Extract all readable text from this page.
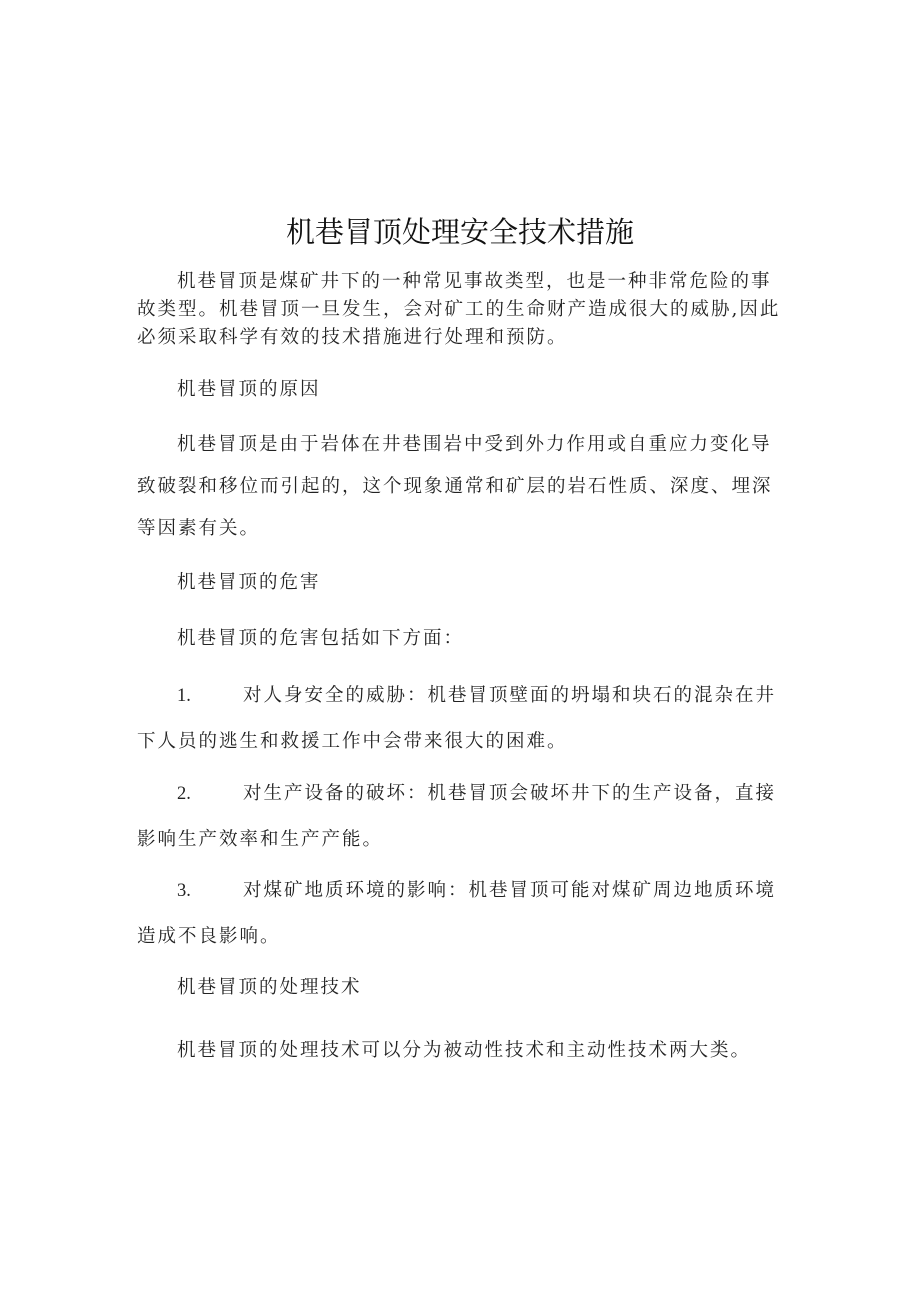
机巷冒顶处理安全技术措施
机巷冒顶是煤矿井下的一种常见事故类型，也是一种非常危险的事故类型。机巷冒顶一旦发生，会对矿工的生命财产造成很大的威胁,因此必须采取科学有效的技术措施进行处理和预防。
机巷冒顶的原因
机巷冒顶是由于岩体在井巷围岩中受到外力作用或自重应力变化导致破裂和移位而引起的，这个现象通常和矿层的岩石性质、深度、埋深等因素有关。
机巷冒顶的危害
机巷冒顶的危害包括如下方面：
1.	对人身安全的威胁：机巷冒顶壁面的坍塌和块石的混杂在井下人员的逃生和救援工作中会带来很大的困难。
2.	对生产设备的破坏：机巷冒顶会破坏井下的生产设备，直接影响生产效率和生产产能。
3.	对煤矿地质环境的影响：机巷冒顶可能对煤矿周边地质环境造成不良影响。
机巷冒顶的处理技术
机巷冒顶的处理技术可以分为被动性技术和主动性技术两大类。
